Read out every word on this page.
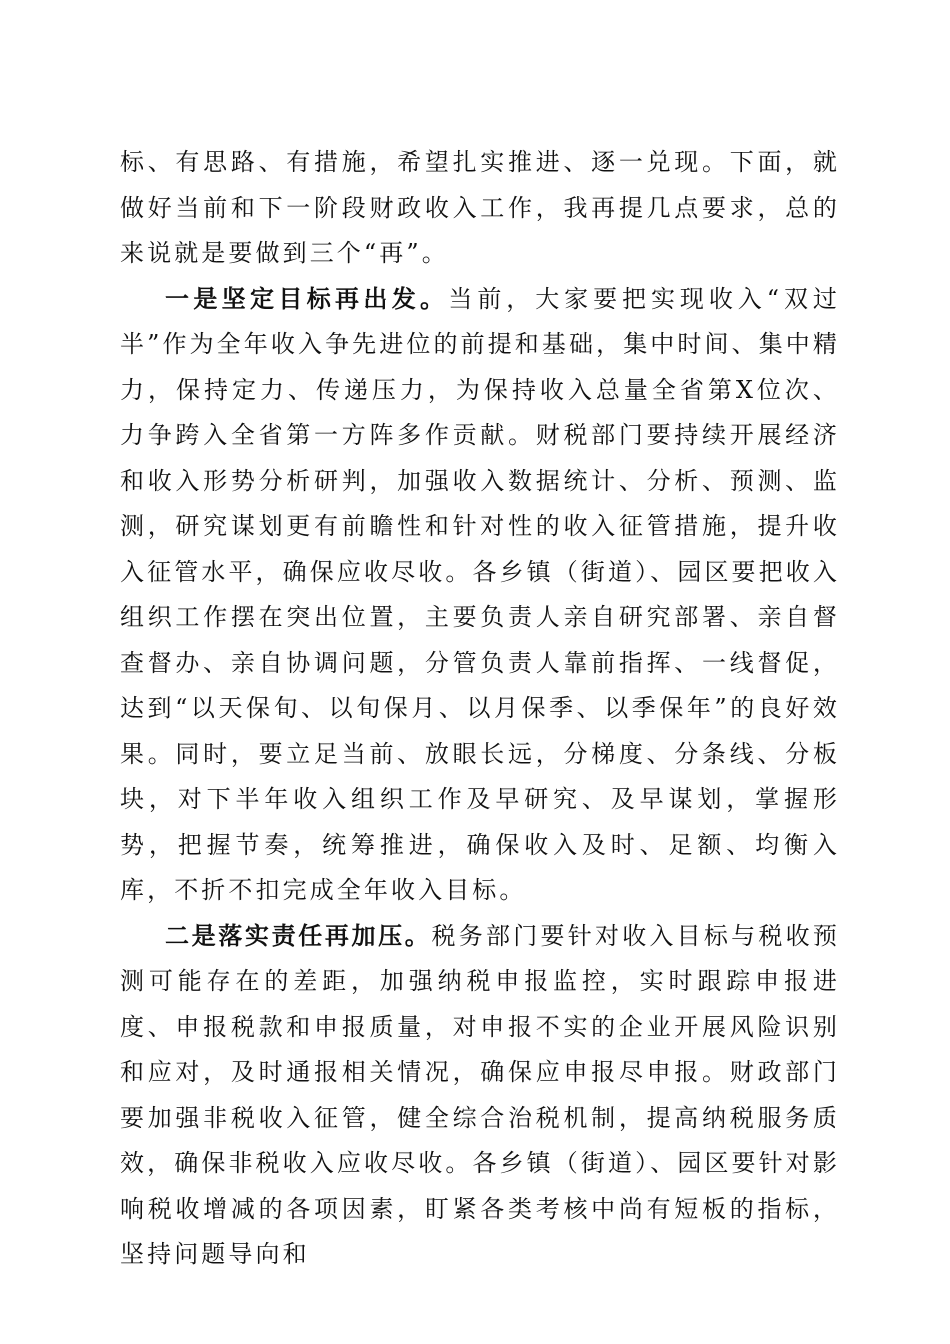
标、有思路、有措施，希望扎实推进、逐一兑现。下面，就做好当前和下一阶段财政收入工作，我再提几点要求，总的来说就是要做到三个“再”。

一是坚定目标再出发。当前，大家要把实现收入“双过半”作为全年收入争先进位的前提和基础，集中时间、集中精力，保持定力、传递压力，为保持收入总量全省第X位次、力争跨入全省第一方阵多作贡献。财税部门要持续开展经济和收入形势分析研判，加强收入数据统计、分析、预测、监测，研究谋划更有前瞻性和针对性的收入征管措施，提升收入征管水平，确保应收尽收。各乡镇（街道）、园区要把收入组织工作摆在突出位置，主要负责人亲自研究部署、亲自督查督办、亲自协调问题，分管负责人靠前指挥、一线督促，达到“以天保旬、以旬保月、以月保季、以季保年”的良好效果。同时，要立足当前、放眼长远，分梯度、分条线、分板块，对下半年收入组织工作及早研究、及早谋划，掌握形势，把握节奏，统筹推进，确保收入及时、足额、均衡入库，不折不扣完成全年收入目标。

二是落实责任再加压。税务部门要针对收入目标与税收预测可能存在的差距，加强纳税申报监控，实时跟踪申报进度、申报税款和申报质量，对申报不实的企业开展风险识别和应对，及时通报相关情况，确保应申报尽申报。财政部门要加强非税收入征管，健全综合治税机制，提高纳税服务质效，确保非税收入应收尽收。各乡镇（街道）、园区要针对影响税收增减的各项因素，盯紧各类考核中尚有短板的指标，坚持问题导向和
